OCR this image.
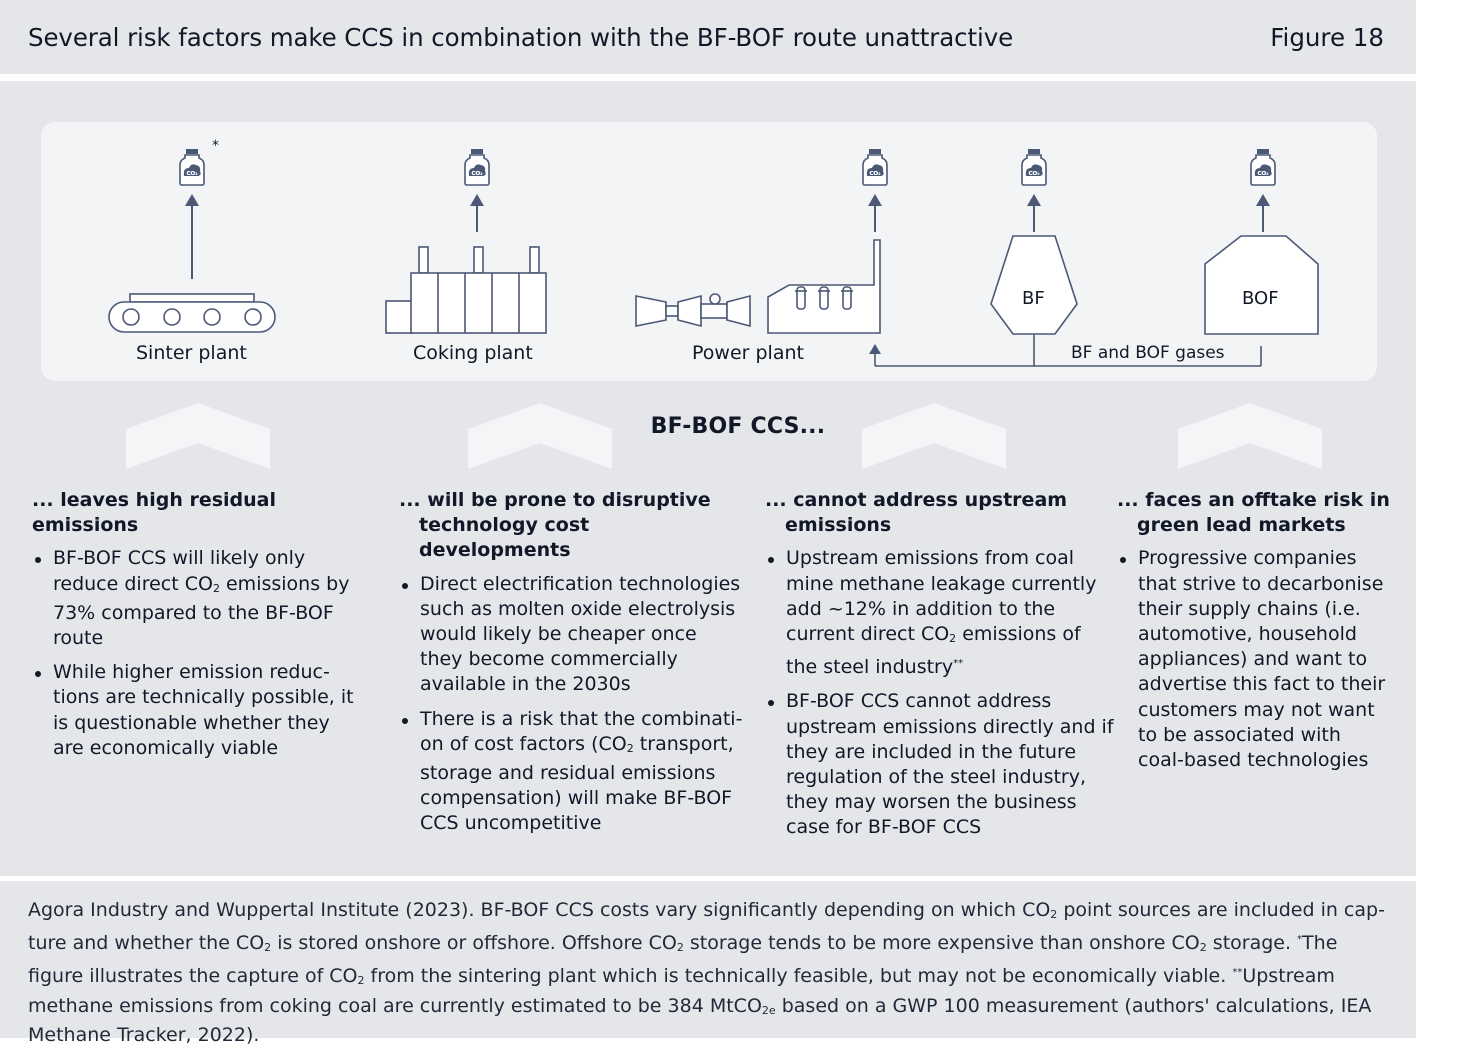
Several risk factors make CCS in combination with the BF-BOF route unattractive	Figure 18
CO₂
*
CO₂	CO₂	CO₂	CO₂	CO₂
Sinter plant	Coking plant	Power plant
BF	BOF
BF and BOF gases
BF-BOF CCS...
... leaves high residual emissions
BF-BOF CCS will likely only reduce direct $CO_2$ emissions by 73% compared to the BF-BOF route
While higher emission reduc- tions are technically possible, it is questionable whether they are economically viable
... will be prone to disruptive
technology cost developments
Direct electrification technologies such as molten oxide electrolysis would likely be cheaper once they become commercially available in the 2030s
There is a risk that the combinati- on of cost factors ($CO_2$ transport, storage and residual emissions compensation) will make BF-BOF CCS uncompetitive
... cannot address upstream
emissions
Upstream emissions from coal mine methane leakage currently add ~12% in addition to the current direct $CO_2$ emissions of the steel industry**
BF-BOF CCS cannot address upstream emissions directly and if they are included in the future regulation of the steel industry, they may worsen the business case for BF-BOF CCS
... faces an offtake risk in
green lead markets
Progressive companies that strive to decarbonise their supply chains (i.e. automotive, household appliances) and want to advertise this fact to their customers may not want to be associated with coal-based technologies

Agora Industry and Wuppertal Institute (2023). BF-BOF CCS costs vary significantly depending on which $CO_2$ point sources are included in cap- ture and whether the $CO_2$ is stored onshore or offshore. Offshore $CO_2$ storage tends to be more expensive than onshore $CO_2$ storage. *The figure illustrates the capture of $CO_2$ from the sintering plant which is technically feasible, but may not be economically viable. **Upstream methane emissions from coking coal are currently estimated to be 384 MtCO$_{2e}$ based on a GWP 100 measurement (authors' calculations, IEA Methane Tracker, 2022).
